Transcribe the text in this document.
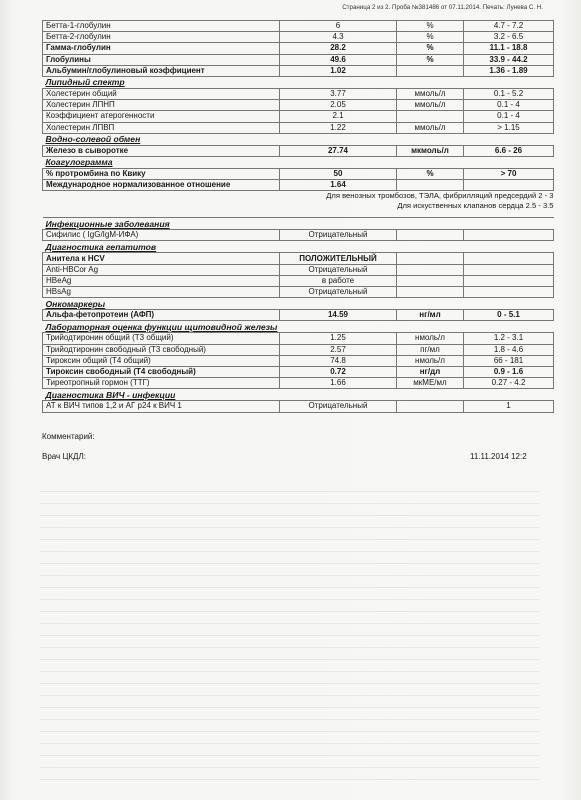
Страница 2 из 2. Проба №381486 от 07.11.2014. Печать: Лунева С. Н.
Бетта-1-глобулин	6	%	4.7 - 7.2
Бетта-2-глобулин	4.3	%	3.2 - 6.5
Гамма-глобулин	28.2	%	11.1 - 18.8
Глобулины	49.6	%	33.9 - 44.2
Альбумин/глобулиновый коэффициент	1.02		1.36 - 1.89
Липидный спектр			
Холестерин общий	3.77	ммоль/л	0.1 - 5.2
Холестерин ЛПНП	2.05	ммоль/л	0.1 - 4
Коэффициент атерогенности	2.1		0.1 - 4
Холестерин ЛПВП	1.22	ммоль/л	> 1.15
Водно-солевой обмен			
Железо в сыворотке	27.74	мкмоль/л	6.6 - 26
Коагулограмма			
% протромбина по Квику	50	%	> 70
Международное нормализованное отношение	1.64		
Для венозных тромбозов, ТЭЛА, фибрилляций предсердий 2 - 3			
Для искуственных клапанов сердца 2.5 - 3.5			

Инфекционные заболевания			
Сифилис ( IgG/IgM-ИФА)	Отрицательный		
Диагностика гепатитов			
Анитела к HCV	ПОЛОЖИТЕЛЬНЫЙ		
Anti-HBCor Ag	Отрицательный		
HBeAg	в работе		
HBsAg	Отрицательный		
Онкомаркеры			
Альфа-фетопротеин (АФП)	14.59	нг/мл	0 - 5.1
Лабораторная оценка функции щитовидной железы			
Трийодтиронин общий (Т3 общий)	1.25	нмоль/л	1.2 - 3.1
Трийодтиронин свободный (Т3 свободный)	2.57	пг/мл	1.8 - 4.6
Тироксин общий (Т4 общий)	74.8	нмоль/л	66 - 181
Тироксин свободный (Т4 свободный)	0.72	нг/дл	0.9 - 1.6
Тиреотропный гормон (ТТГ)	1.66	мкМЕ/мл	0.27 - 4.2
Диагностика ВИЧ - инфекции			
АТ к ВИЧ типов 1,2 и АГ р24 к ВИЧ 1	Отрицательный		1
Комментарий:
Врач ЦКДЛ:	11.11.2014 12:2
